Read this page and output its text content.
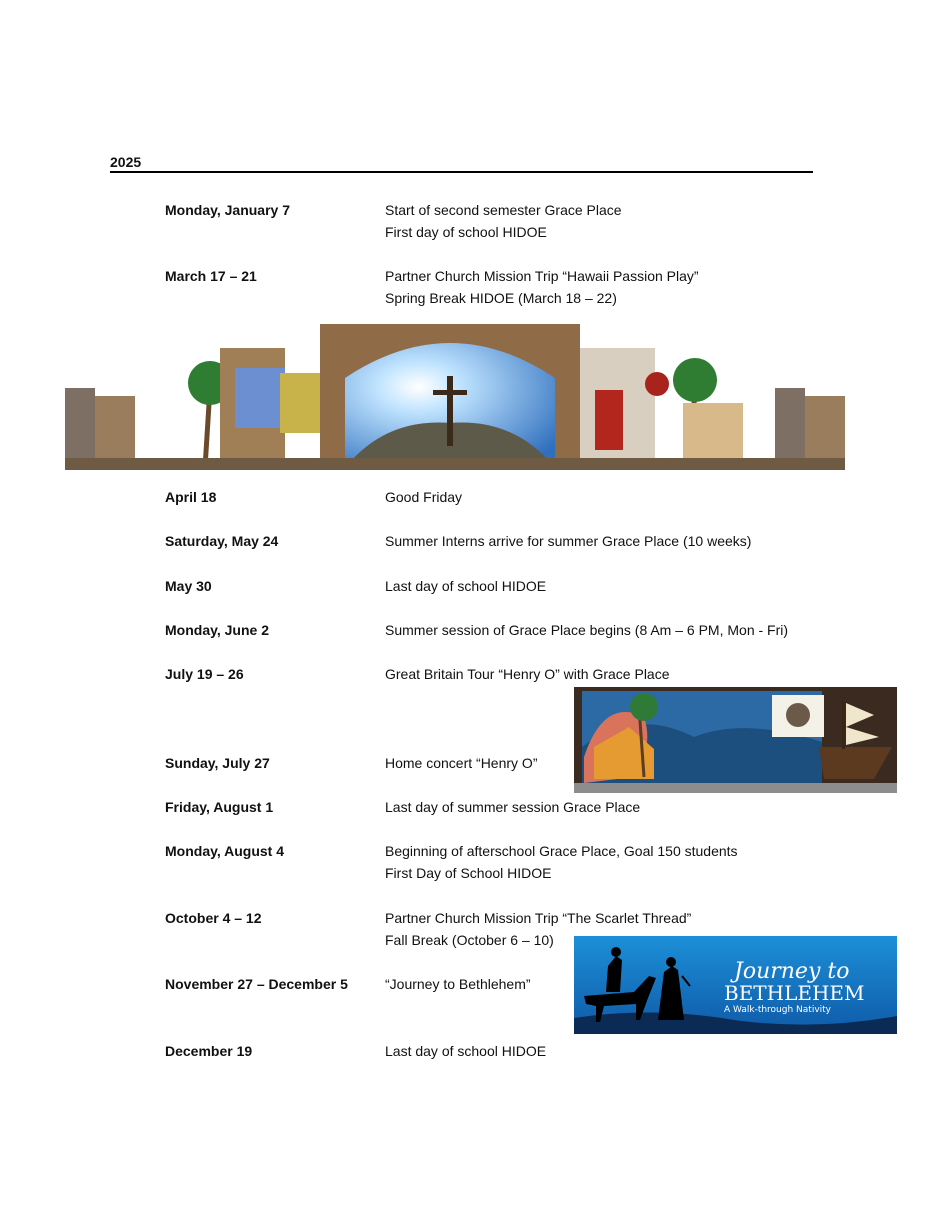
2025
Monday, January 7	Start of second semester Grace Place
First day of school HIDOE
March 17 – 21	Partner Church Mission Trip “Hawaii Passion Play”
Spring Break HIDOE (March 18 – 22)
April 18	Good Friday
Saturday, May 24	Summer Interns arrive for summer Grace Place (10 weeks)
May 30	Last day of school HIDOE
Monday, June 2	Summer session of Grace Place begins (8 Am – 6 PM, Mon - Fri)
July 19 – 26	Great Britain Tour “Henry O” with Grace Place
Sunday, July 27	Home concert “Henry O”
Friday, August 1	Last day of summer session Grace Place
Monday, August 4	Beginning of afterschool Grace Place, Goal 150 students
First Day of School HIDOE
October 4 – 12	Partner Church Mission Trip “The Scarlet Thread”
Fall Break (October 6 – 10)
Journey to
BETHLEHEM
A Walk-through Nativity
November 27 – December 5	“Journey to Bethlehem”
December 19	Last day of school HIDOE
